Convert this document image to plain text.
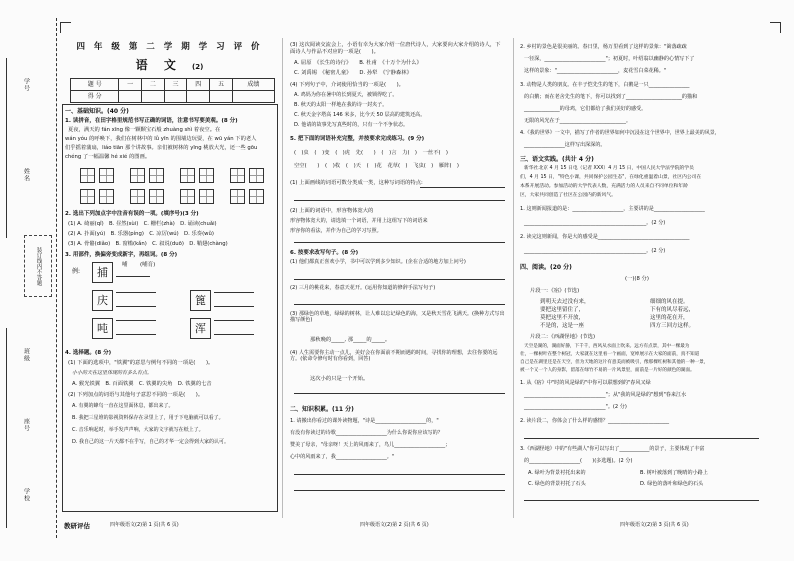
学号
姓名
班级
座号
学校
装订线内不答题
四 年 级 第 二 学 期 学 习 评 价
语 文 (2)
题 号	一	二	三	四	五	成绩
得 分						
一、基础知识。(40 分)
1. 读拼音，在田字格里规范书写正确的词语，注意书写要美观。(8 分)
夏夜，满天的 fán xīng 像一颗颗宝石般 zhuàng shì 着夜空。在
wán yóu 的呼唤下，我们在树林中的 lǜ yīn 的围墙边玩耍，在 wū yán 下的老人
们乎摇着蒲扇，liáo tiān 那个讲故事。亲们被树林的 yīng 桃放大光，还一些 gōu
chéng 了一幅温馨 hé xié 的图画。
2. 选出下列加点字中注音有误的一项。(填序号)(3 分)
(1) A. 绮丽(qǐ)　 B. 昼然(sùi)　 C. 栅栏(zhà)　 D. 诵读(chuǎi)
(2) A. 扑面(yú)　 B. 乐器(píng)　 C. 凉厉(wú)　 D. 乐奏(wǔ)
(3) A. 骨骼(diǎo)　 B. 窗槛(kǎn)　 C. 叙说(duō)　 D. 鞘翅(chàng)
3. 用部件，换偏旁变成新字，再组词。(8 分)
例:	捕
哺 (哺育)
庆	篦
吨	浑
4. 选择题。(8 分)
(1) 下面的选项中，"铁翼"的意思与例句不同的一项是(　　)。
小小的天在这里体现的有多么有点。
A. 猴光铁翼　 B. 百面铁翼　 C. 铁翼的尖角　 D. 铁翼的七音
(2) 下列加点的词语与其他句子意思不同的一项是(　　)。
A. 有翼的蜂鸟一直在这里面休息，都出来了。
B. 我把三星堆的影视资料保存在录里上了，用于下电脑就可以看了。
C. 音乐响起时，举手发声声响，大家的文字就写在纸上了。
D. 我自己的这一片天都不在乎写，自己的才华一定会得到大家的认可。
(3) 这次阅读交流会上，小语有幸为大家介绍一位唐代诗人，大家要向大家介绍的诗人，下面诗人与作品不对应的一项是(　　)。
A. 屈原　 《长生的诗行》　　 B. 杜甫　 《十万个为什么》
C. 刘禹锡　 《秘密儿童》　　 D. 孙犁　 《宁静森林》
(4) 下列句子中，介词使用恰当的一项是(　　)。
A. 鸡妈为你在暑中的长到夏天，被锁得吃了。
B. 秋天的太阳一样地在我的诗一封夹子。
C. 秋天金字塔高 146 米多，比今天 50 层高的建筑还高。
D. 他请的故事先写真些时的，只有一个不争状态。
5. 把下面的词语补充完整，并按要求完成练习。(9 分)
(　)虫 ( )变 (　)虎 先(　　) ( )言 力(　) 一丝不(　)
空空(　　) ( )枚 ( )天 ( )花 花草(　) 飞虫(　) 雁阵(　)
(1) 上面画线的词语可数分类成一类，这种写词语的特点:
(2) 上面的词语中，形容物体宽大的
形容物体宽大的，请选填一个词语，并用上这组写下的词语来
形容你的看法，并作为自己的学习写照。
6. 按要求改写句子。(8 分)
(1) 他们都真正喜欢小学，书中可以学到多少知识。(企在合适的地方加上问号)
(2) 三月的桃花来，春意天花开。(运用你知道的修辞手法写句子)
(3) 那绿色的草地，绿绿的树林，让人难以忘记绿色的海，又是秋天雪花飞满天。(换种方式写出描写颜色)
那秋晚的_____, 那_____的_____。
(4) 人生需要你主动一点儿，美好会在你面前不期而遇的时间，寻找你的理想，去往你要的远方。(依命令修句时有你看到，回答)
这次小的只是一个开始。
二、知识积累。(11 分)
1. 请搬出你看过的课外读物题，"诗是____________________的，"
有没有你读过的诗歌____________________为什么你说你应该写的？
赞美了母亲，"母亲呀！天上的风雨来了，鸟儿____________________；
心中的风雨来了，我____________________。"
2. 乡村的景色是很美丽的。春日里，杨万里看到了这样的景象："篱落疏疏
一径深，________________________"；初夏时，叶绍翁以幽静的心情写下了
这样的景象："________________________，麦花雪白菜花稀。"
3. 动物是人类的朋友。在丰子恺先生的笔下，白鹅是一只________________
的白鹅；而在老舍先生的笔下，你可以找到了______________________的猫和
______________的母鸡，它们都给了我们美好的感受。
无限的风光在于__________________________。
4.《我的世界》一文中，描写了作者的世界如何中沉浸在这个世界中，世界上最美的风景，
________________这样写出深深的。
三、语文实践。(共计 4 分)
新华社北京 4 月 15 日电（记者 XXX）4 月 15 日，中国人民大学法学院的学员
们，4 月 15 日，"特色小课，共同保护公园生态"，在绿化重温着山景，社区内公司在
本系开展活动。参加活动的大学代表人数，充满活力的人员来自不同单位和年龄
区，大家共同创造了社区在公园内的新风气。
1. 这则新闻报道的是：____________________，主要讲的是____________________
________________________________________________。(2 分)
2. 读完这则新闻，你是大的感受是____________________________________
________________________________________________。(2 分)
四、阅读。(20 分)
(一)(8 分)
片段一：《宿》(节选)
到明天去过没有来，
要把这里留住了，
莫把这里不开放，
不是的，这是一座
细细的风在提。
下有的风尽着远，
这里的花在开，
四方三回方这样。
片段二：《西湖怪地》(节选)
天空是湖的，湖面好静，下千千，西风从水面上吹来。远方有点景，其中一棵最为
壮，一棵树叶在整个树冠，大家就在这里看一个画面，宽绰展示在大家的面前，真不知道
自己是在湖里还是在天空，但为天地的这片有意美而被吸引，像那棵红树和其他的一种一景，
被一个又一个人的身影，留落在绿竹不易的一片风景里，面前是一片好的颜色的湖面。
1. 从《宿》中"时的风是绿的"中你可以联想到的"春风又绿
________________________________"；从"我的风是绿的"想到"春来江水
________________________________"。(2 分)
2. 读片段二，你体会了什么样的感情？________________________
3.《西湖怪地》中的"有些湖人"你可以写出了____________的景子，主要体现了丰富
的____________________(　　)(多选题)。(2 分)
A. 绿叶为背景衬托出来的	B. 树叶被落到了晚晴的小路上
C. 绿色的背景衬托了石头	D. 绿色的落叶和绿色的石头
教研评估	四年级语文(2)第 1 页(共 6 页)	四年级语文(2)第 2 页(共 6 页)	四年级语文(2)第 3 页(共 6 页)
